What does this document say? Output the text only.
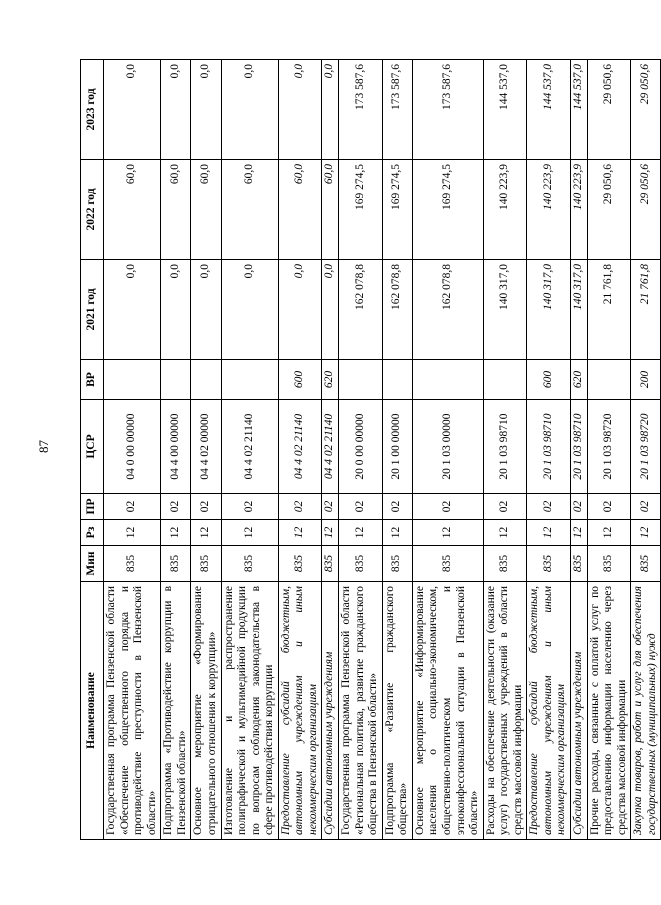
87
Наименование	Мин	Рз	ПР	ЦСР	ВР	2021 год	2022 год	2023 год
Государственная программа Пензенской области «Обеспечение общественного порядка и противодействие преступности в Пензенской области»	835	12	02	04 0 00 00000		0,0	60,0	0,0
Подпрограмма «Противодействие коррупции в Пензенской области»	835	12	02	04 4 00 00000		0,0	60,0	0,0
Основное мероприятие «Формирование отрицательного отношения к коррупции»	835	12	02	04 4 02 00000		0,0	60,0	0,0
Изготовление и распространение полиграфической и мультимедийной продукции по вопросам соблюдения законодательства в сфере противодействия коррупции	835	12	02	04 4 02 21140		0,0	60,0	0,0
Предоставление субсидий бюджетным, автономным учреждениям и иным некоммерческим организациям	835	12	02	04 4 02 21140	600	0,0	60,0	0,0
Субсидии автономным учреждениям	835	12	02	04 4 02 21140	620	0,0	60,0	0,0
Государственная программа Пензенской области «Региональная политика, развитие гражданского общества в Пензенской области»	835	12	02	20 0 00 00000		162 078,8	169 274,5	173 587,6
Подпрограмма «Развитие гражданского общества»	835	12	02	20 1 00 00000		162 078,8	169 274,5	173 587,6
Основное мероприятие «Информирование населения о социально-экономическом, общественно-политическом и этноконфессиональной ситуации в Пензенской области»	835	12	02	20 1 03 00000		162 078,8	169 274,5	173 587,6
Расходы на обеспечение деятельности (оказание услуг) государственных учреждений в области средств массовой информации	835	12	02	20 1 03 98710		140 317,0	140 223,9	144 537,0
Предоставление субсидий бюджетным, автономным учреждениям и иным некоммерческим организациям	835	12	02	20 1 03 98710	600	140 317,0	140 223,9	144 537,0
Субсидии автономным учреждениям	835	12	02	20 1 03 98710	620	140 317,0	140 223,9	144 537,0
Прочие расходы, связанные с оплатой услуг по предоставлению информации населению через средства массовой информации	835	12	02	20 1 03 98720		21 761,8	29 050,6	29 050,6
Закупка товаров, работ и услуг для обеспечения государственных (муниципальных) нужд	835	12	02	20 1 03 98720	200	21 761,8	29 050,6	29 050,6
